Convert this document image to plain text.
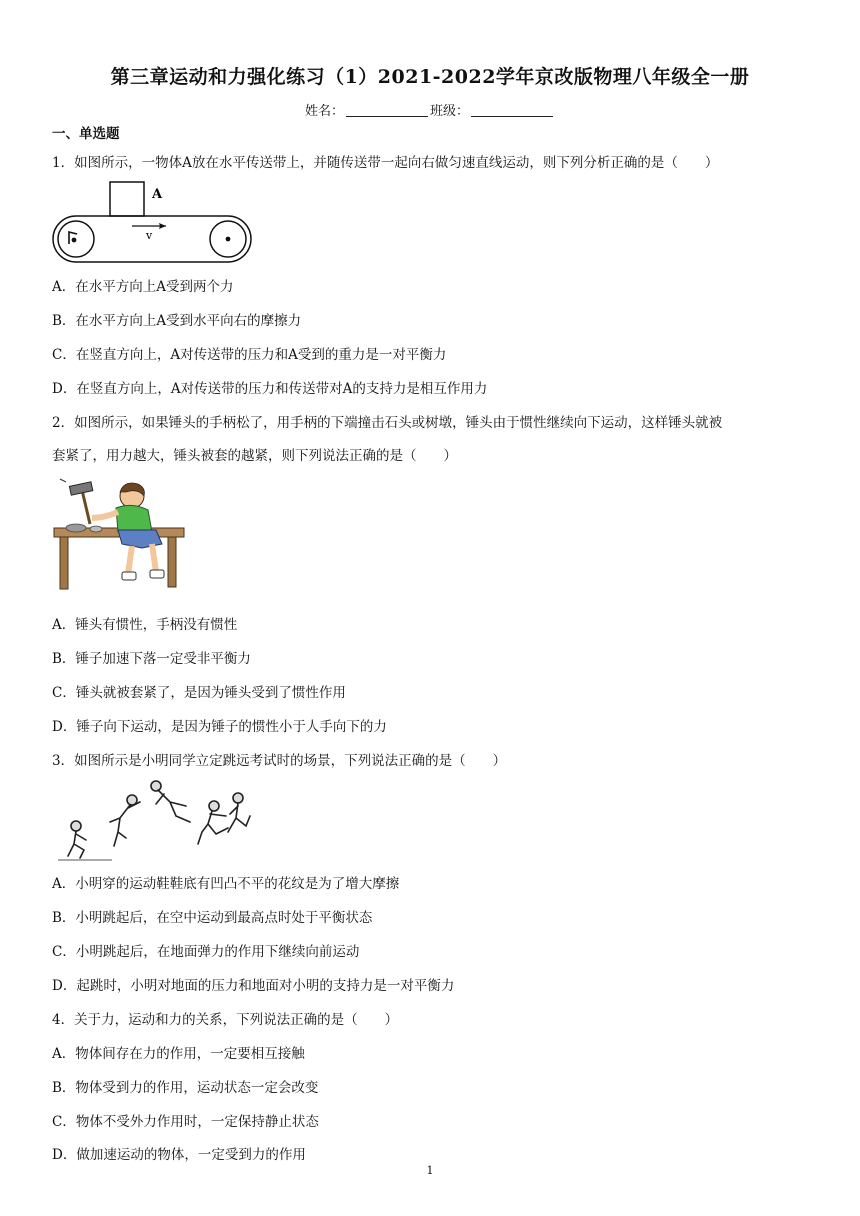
第三章运动和力强化练习（1）2021-2022学年京改版物理八年级全一册
姓名：	班级：
一、单选题
1．如图所示，一物体A放在水平传送带上，并随传送带一起向右做匀速直线运动，则下列分析正确的是（　　）
A
v
A．在水平方向上A受到两个力
B．在水平方向上A受到水平向右的摩擦力
C．在竖直方向上，A对传送带的压力和A受到的重力是一对平衡力
D．在竖直方向上，A对传送带的压力和传送带对A的支持力是相互作用力
2．如图所示，如果锤头的手柄松了，用手柄的下端撞击石头或树墩，锤头由于惯性继续向下运动，这样锤头就被
套紧了，用力越大，锤头被套的越紧，则下列说法正确的是（　　）
A．锤头有惯性，手柄没有惯性
B．锤子加速下落一定受非平衡力
C．锤头就被套紧了，是因为锤头受到了惯性作用
D．锤子向下运动，是因为锤子的惯性小于人手向下的力
3．如图所示是小明同学立定跳远考试时的场景，下列说法正确的是（　　）
A．小明穿的运动鞋鞋底有凹凸不平的花纹是为了增大摩擦
B．小明跳起后，在空中运动到最高点时处于平衡状态
C．小明跳起后，在地面弹力的作用下继续向前运动
D．起跳时，小明对地面的压力和地面对小明的支持力是一对平衡力
4．关于力，运动和力的关系，下列说法正确的是（　　）
A．物体间存在力的作用，一定要相互接触
B．物体受到力的作用，运动状态一定会改变
C．物体不受外力作用时，一定保持静止状态
D．做加速运动的物体，一定受到力的作用
1
